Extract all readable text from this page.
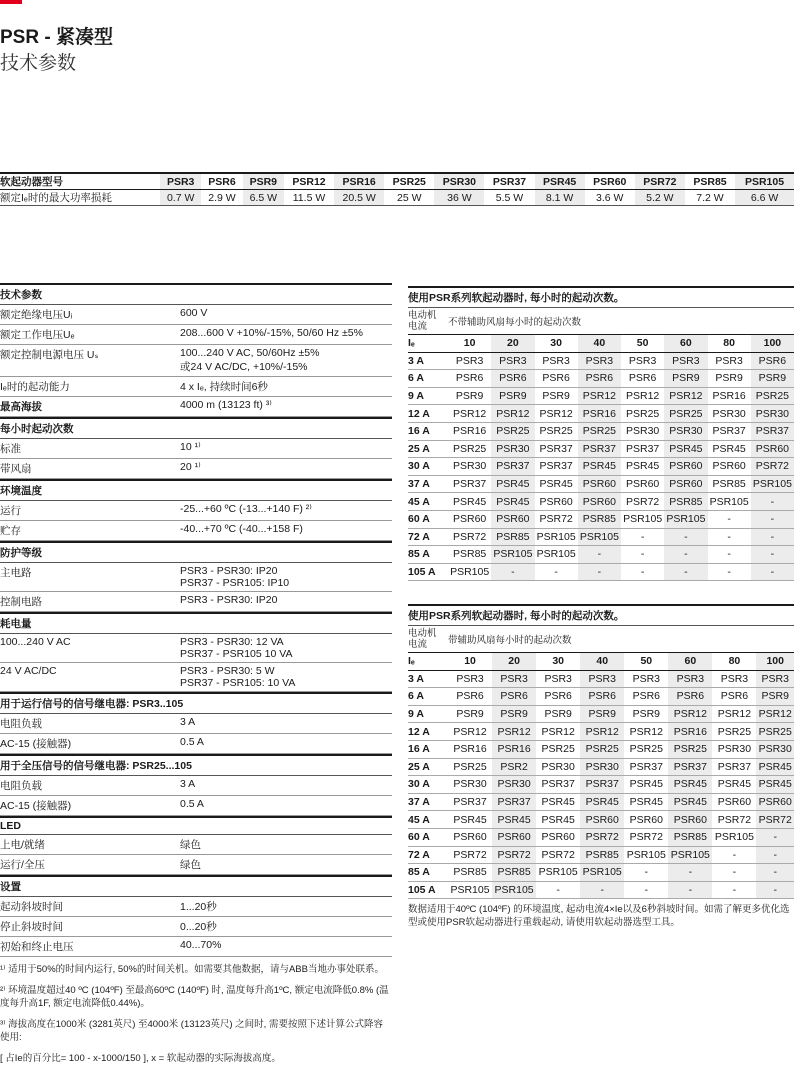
PSR - 紧凑型
技术参数
软起动器型号	PSR3	PSR6	PSR9	PSR12	PSR16	PSR25	PSR30	PSR37	PSR45	PSR60	PSR72	PSR85	PSR105
额定Iₑ时的最大功率损耗	0.7 W	2.9 W	6.5 W	11.5 W	20.5 W	25 W	36 W	5.5 W	8.1 W	3.6 W	5.2 W	7.2 W	6.6 W
技术参数
额定绝缘电压Uᵢ	600 V
额定工作电压Uₑ	208...600 V +10%/-15%, 50/60 Hz ±5%
额定控制电源电压 Uₛ	100...240 V AC, 50/60Hz ±5%
或24 V AC/DC, +10%/-15%
Iₑ时的起动能力	4 x Iₑ, 持续时间6秒
最高海拔	4000 m (13123 ft) ³⁾
每小时起动次数
标准	10 ¹⁾
带风扇	20 ¹⁾
环境温度
运行	-25...+60 ºC (-13...+140 F) ²⁾
贮存	-40...+70 ºC (-40...+158 F)
防护等级
主电路	PSR3 - PSR30: IP20
PSR37 - PSR105: IP10
控制电路	PSR3 - PSR30: IP20
耗电量
100...240 V AC	PSR3 - PSR30: 12 VA
PSR37 - PSR105 10 VA
24 V AC/DC	PSR3 - PSR30: 5 W
PSR37 - PSR105: 10 VA
用于运行信号的信号继电器: PSR3..105
电阻负载	3 A
AC-15 (接触器)	0.5 A
用于全压信号的信号继电器: PSR25...105
电阻负载	3 A
AC-15 (接触器)	0.5 A
LED
上电/就绪	绿色
运行/全压	绿色
设置
起动斜坡时间	1...20秒
停止斜坡时间	0...20秒
初始和终止电压	40...70%

¹⁾ 适用于50%的时间内运行, 50%的时间关机。如需要其他数据，请与ABB当地办事处联系。

²⁾ 环境温度超过40 ºC (104ºF) 至最高60ºC (140ºF) 时, 温度每升高1ºC, 额定电流降低0.8% (温度每升高1F, 额定电流降低0.44%)。

³⁾ 海拔高度在1000米 (3281英尺) 至4000米 (13123英尺) 之间时, 需要按照下述计算公式降容使用:

[ 占Ie的百分比= 100 - x-1000/150 ], x = 软起动器的实际海拔高度。

使用PSR系列软起动器时, 每小时的起动次数。
电动机
电流	不带辅助风扇每小时的起动次数
Iₑ	10	20	30	40	50	60	80	100
3 A	PSR3	PSR3	PSR3	PSR3	PSR3	PSR3	PSR3	PSR6
6 A	PSR6	PSR6	PSR6	PSR6	PSR6	PSR9	PSR9	PSR9
9 A	PSR9	PSR9	PSR9	PSR12	PSR12	PSR12	PSR16	PSR25
12 A	PSR12	PSR12	PSR12	PSR16	PSR25	PSR25	PSR30	PSR30
16 A	PSR16	PSR25	PSR25	PSR25	PSR30	PSR30	PSR37	PSR37
25 A	PSR25	PSR30	PSR37	PSR37	PSR37	PSR45	PSR45	PSR60
30 A	PSR30	PSR37	PSR37	PSR45	PSR45	PSR60	PSR60	PSR72
37 A	PSR37	PSR45	PSR45	PSR60	PSR60	PSR60	PSR85	PSR105
45 A	PSR45	PSR45	PSR60	PSR60	PSR72	PSR85	PSR105	-
60 A	PSR60	PSR60	PSR72	PSR85	PSR105	PSR105	-	-
72 A	PSR72	PSR85	PSR105	PSR105	-	-	-	-
85 A	PSR85	PSR105	PSR105	-	-	-	-	-
105 A	PSR105	-	-	-	-	-	-	-
使用PSR系列软起动器时, 每小时的起动次数。
电动机
电流	带辅助风扇每小时的起动次数
Iₑ	10	20	30	40	50	60	80	100
3 A	PSR3	PSR3	PSR3	PSR3	PSR3	PSR3	PSR3	PSR3
6 A	PSR6	PSR6	PSR6	PSR6	PSR6	PSR6	PSR6	PSR9
9 A	PSR9	PSR9	PSR9	PSR9	PSR9	PSR12	PSR12	PSR12
12 A	PSR12	PSR12	PSR12	PSR12	PSR12	PSR16	PSR25	PSR25
16 A	PSR16	PSR16	PSR25	PSR25	PSR25	PSR25	PSR30	PSR30
25 A	PSR25	PSR2	PSR30	PSR30	PSR37	PSR37	PSR37	PSR45
30 A	PSR30	PSR30	PSR37	PSR37	PSR45	PSR45	PSR45	PSR45
37 A	PSR37	PSR37	PSR45	PSR45	PSR45	PSR45	PSR60	PSR60
45 A	PSR45	PSR45	PSR45	PSR60	PSR60	PSR60	PSR72	PSR72
60 A	PSR60	PSR60	PSR60	PSR72	PSR72	PSR85	PSR105	-
72 A	PSR72	PSR72	PSR72	PSR85	PSR105	PSR105	-	-
85 A	PSR85	PSR85	PSR105	PSR105	-	-	-	-
105 A	PSR105	PSR105	-	-	-	-	-	-
数据适用于40ºC (104ºF) 的环境温度, 起动电流4×Ie以及6秒斜坡时间。如需了解更多优化选型或使用PSR软起动器进行重载起动, 请使用软起动器选型工具。
